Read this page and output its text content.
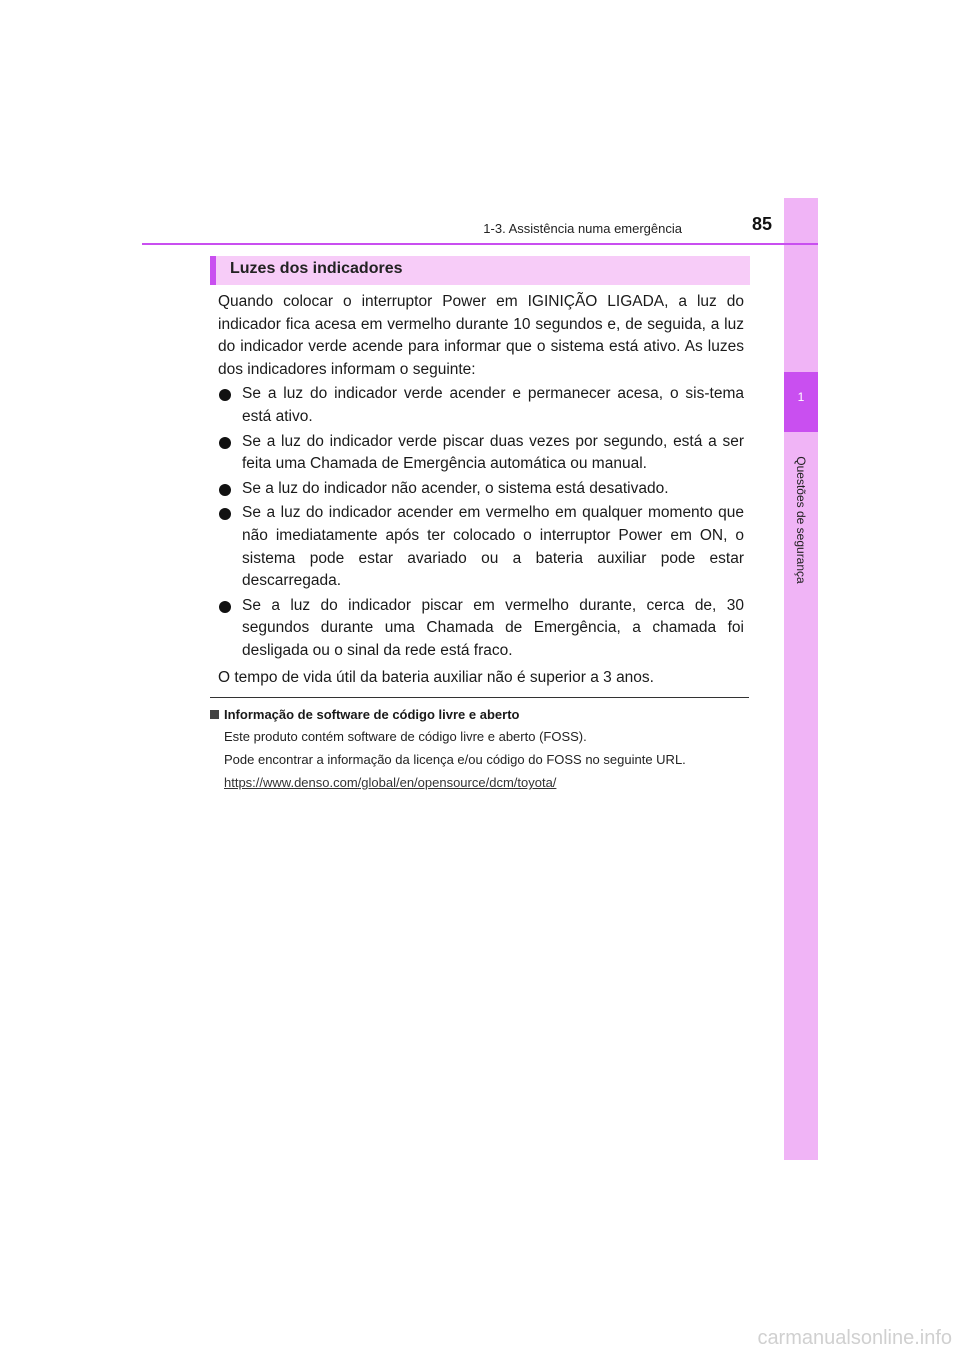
1
Questões de segurança
1-3. Assistência numa emergência	85
Luzes dos indicadores

Quando colocar o interruptor Power em IGINIÇÃO LIGADA, a luz do indicador fica acesa em vermelho durante 10 segundos e, de seguida, a luz do indicador verde acende para informar que o sistema está ativo. As luzes dos indicadores informam o seguinte:

Se a luz do indicador verde acender e permanecer acesa, o sis-tema está ativo.
Se a luz do indicador verde piscar duas vezes por segundo, está a ser feita uma Chamada de Emergência automática ou manual.
Se a luz do indicador não acender, o sistema está desativado.
Se a luz do indicador acender em vermelho em qualquer momento que não imediatamente após ter colocado o interruptor Power em ON, o sistema pode estar avariado ou a bateria auxiliar pode estar descarregada.
Se a luz do indicador piscar em vermelho durante, cerca de, 30 segundos durante uma Chamada de Emergência, a chamada foi desligada ou o sinal da rede está fraco.

O tempo de vida útil da bateria auxiliar não é superior a 3 anos.

Informação de software de código livre e aberto

Este produto contém software de código livre e aberto (FOSS).

Pode encontrar a informação da licença e/ou código do FOSS no seguinte URL.

https://www.denso.com/global/en/opensource/dcm/toyota/

carmanualsonline.info
